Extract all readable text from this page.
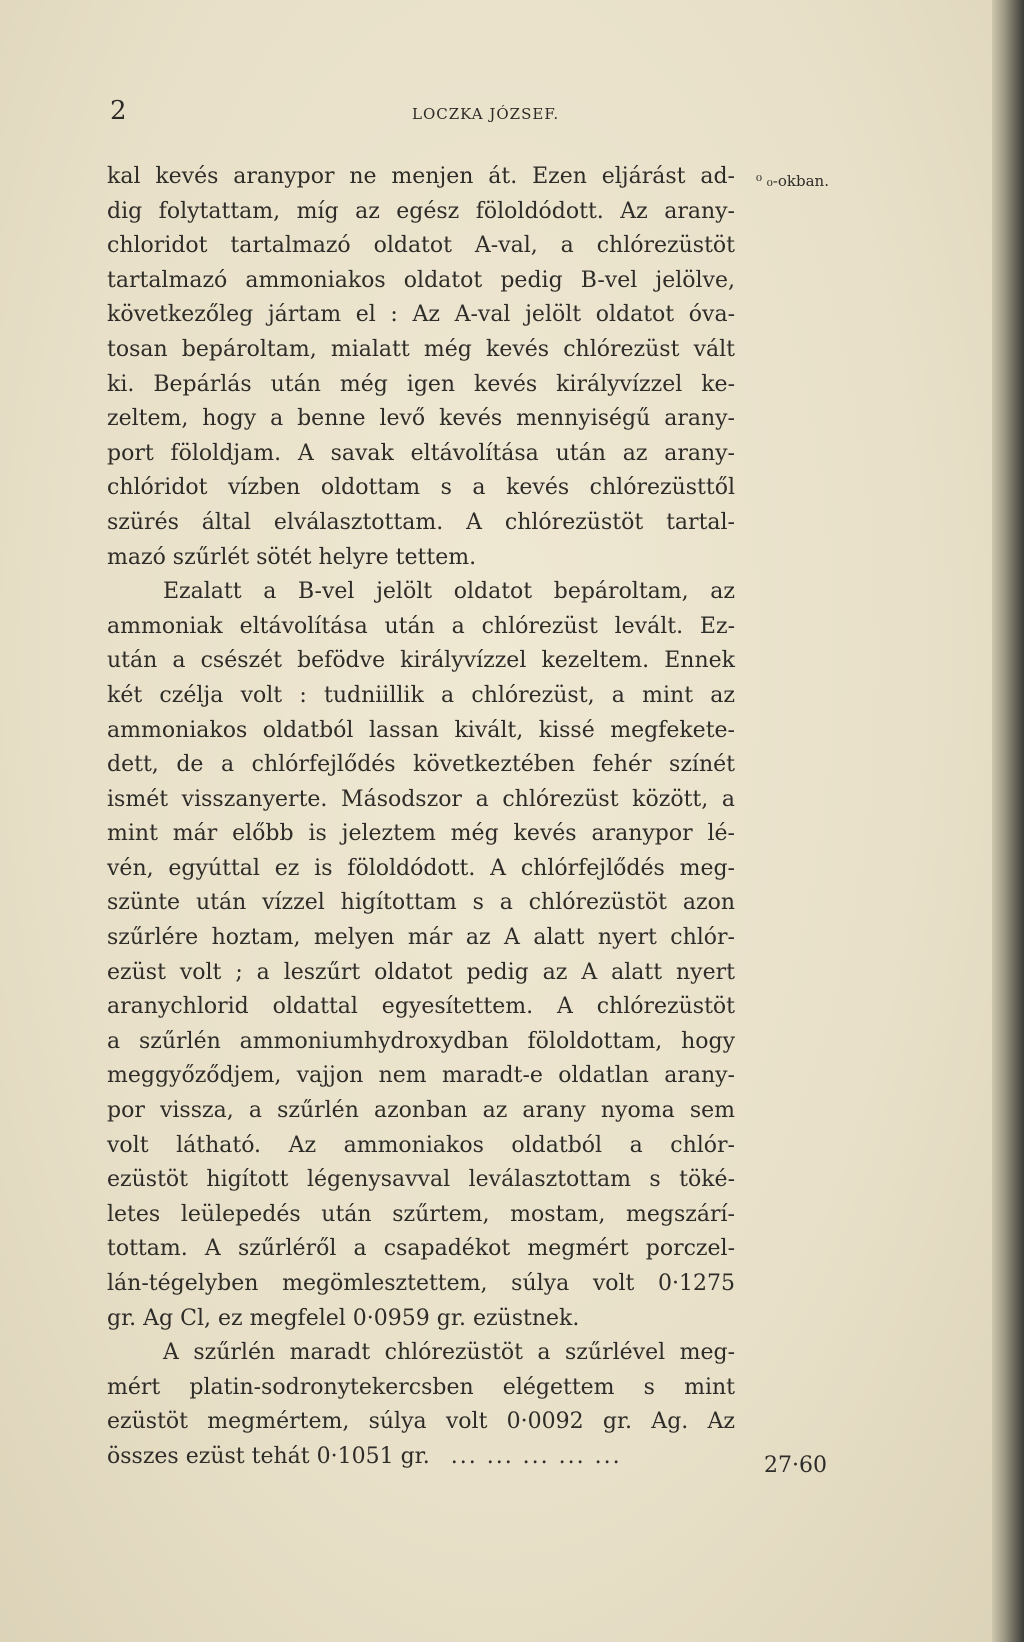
2	LOCZKA JÓZSEF.
⁰ ₀-okban.
kal kevés aranypor ne menjen át. Ezen eljárást ad-
dig folytattam, míg az egész föloldódott. Az arany-
chloridot tartalmazó oldatot A-val, a chlórezüstöt
tartalmazó ammoniakos oldatot pedig B-vel jelölve,
következőleg jártam el : Az A-val jelölt oldatot óva-
tosan bepároltam, mialatt még kevés chlórezüst vált
ki. Bepárlás után még igen kevés királyvízzel ke-
zeltem, hogy a benne levő kevés mennyiségű arany-
port föloldjam. A savak eltávolítása után az arany-
chlóridot vízben oldottam s a kevés chlórezüsttől
szürés által elválasztottam. A chlórezüstöt tartal-
mazó szűrlét sötét helyre tettem.
Ezalatt a B-vel jelölt oldatot bepároltam, az
ammoniak eltávolítása után a chlórezüst levált. Ez-
után a csészét befödve királyvízzel kezeltem. Ennek
két czélja volt : tudniillik a chlórezüst, a mint az
ammoniakos oldatból lassan kivált, kissé megfekete-
dett, de a chlórfejlődés következtében fehér színét
ismét visszanyerte. Másodszor a chlórezüst között, a
mint már előbb is jeleztem még kevés aranypor lé-
vén, egyúttal ez is föloldódott. A chlórfejlődés meg-
szünte után vízzel higítottam s a chlórezüstöt azon
szűrlére hoztam, melyen már az A alatt nyert chlór-
ezüst volt ; a leszűrt oldatot pedig az A alatt nyert
aranychlorid oldattal egyesítettem. A chlórezüstöt
a szűrlén ammoniumhydroxydban föloldottam, hogy
meggyőződjem, vajjon nem maradt-e oldatlan arany-
por vissza, a szűrlén azonban az arany nyoma sem
volt látható. Az ammoniakos oldatból a chlór-
ezüstöt higított légenysavval leválasztottam s töké-
letes leülepedés után szűrtem, mostam, megszárí-
tottam. A szűrléről a csapadékot megmért porczel-
lán-tégelyben megömlesztettem, súlya volt 0·1275
gr. Ag Cl, ez megfelel 0·0959 gr. ezüstnek.
A szűrlén maradt chlórezüstöt a szűrlével meg-
mért platin-sodronytekercsben elégettem s mint
ezüstöt megmértem, súlya volt 0·0092 gr. Ag. Az
összes ezüst tehát 0·1051 gr. ... ... ... ... ...	27·60
